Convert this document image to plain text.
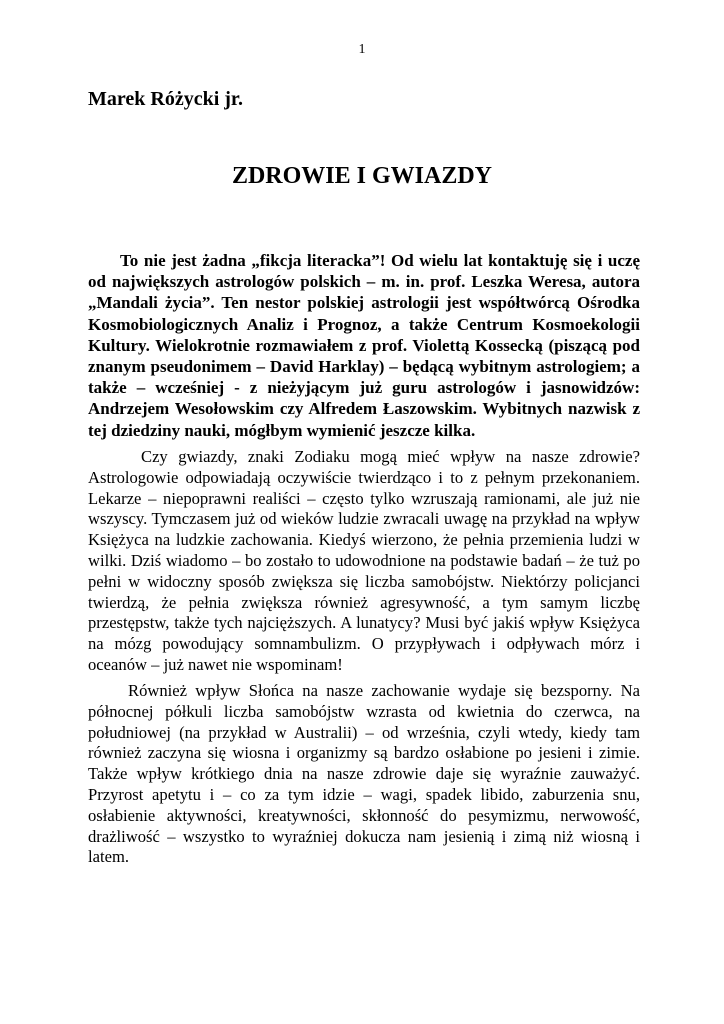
1
Marek Różycki jr.
ZDROWIE I GWIAZDY

To nie jest żadna „fikcja literacka”! Od wielu lat kontaktuję się i uczę od największych astrologów polskich – m. in. prof. Leszka Weresa, autora „Mandali życia”. Ten nestor polskiej astrologii jest współtwórcą Ośrodka Kosmobiologicznych Analiz i Prognoz, a także Centrum Kosmoekologii Kultury. Wielokrotnie rozmawiałem z prof. Violettą Kossecką (piszącą pod znanym pseudonimem – David Harklay) – będącą wybitnym astrologiem; a także – wcześniej - z nieżyjącym już guru astrologów i jasnowidzów: Andrzejem Wesołowskim czy Alfredem Łaszowskim. Wybitnych nazwisk z tej dziedziny nauki, mógłbym wymienić jeszcze kilka.

Czy gwiazdy, znaki Zodiaku mogą mieć wpływ na nasze zdrowie? Astrologowie odpowiadają oczywiście twierdząco i to z pełnym przekonaniem. Lekarze – niepoprawni realiści – często tylko wzruszają ramionami, ale już nie wszyscy. Tymczasem już od wieków ludzie zwracali uwagę na przykład na wpływ Księżyca na ludzkie zachowania. Kiedyś wierzono, że pełnia przemienia ludzi w wilki. Dziś wiadomo – bo zostało to udowodnione na podstawie badań – że tuż po pełni w widoczny sposób zwiększa się liczba samobójstw. Niektórzy policjanci twierdzą, że pełnia zwiększa również agresywność, a tym samym liczbę przestępstw, także tych najcięższych. A lunatycy? Musi być jakiś wpływ Księżyca na mózg powodujący somnambulizm. O przypływach i odpływach mórz i oceanów – już nawet nie wspominam!

Również wpływ Słońca na nasze zachowanie wydaje się bezsporny. Na północnej półkuli liczba samobójstw wzrasta od kwietnia do czerwca, na południowej (na przykład w Australii) – od września, czyli wtedy, kiedy tam również zaczyna się wiosna i organizmy są bardzo osłabione po jesieni i zimie. Także wpływ krótkiego dnia na nasze zdrowie daje się wyraźnie zauważyć. Przyrost apetytu i – co za tym idzie – wagi, spadek libido, zaburzenia snu, osłabienie aktywności, kreatywności, skłonność do pesymizmu, nerwowość, drażliwość – wszystko to wyraźniej dokucza nam jesienią i zimą niż wiosną i latem.
